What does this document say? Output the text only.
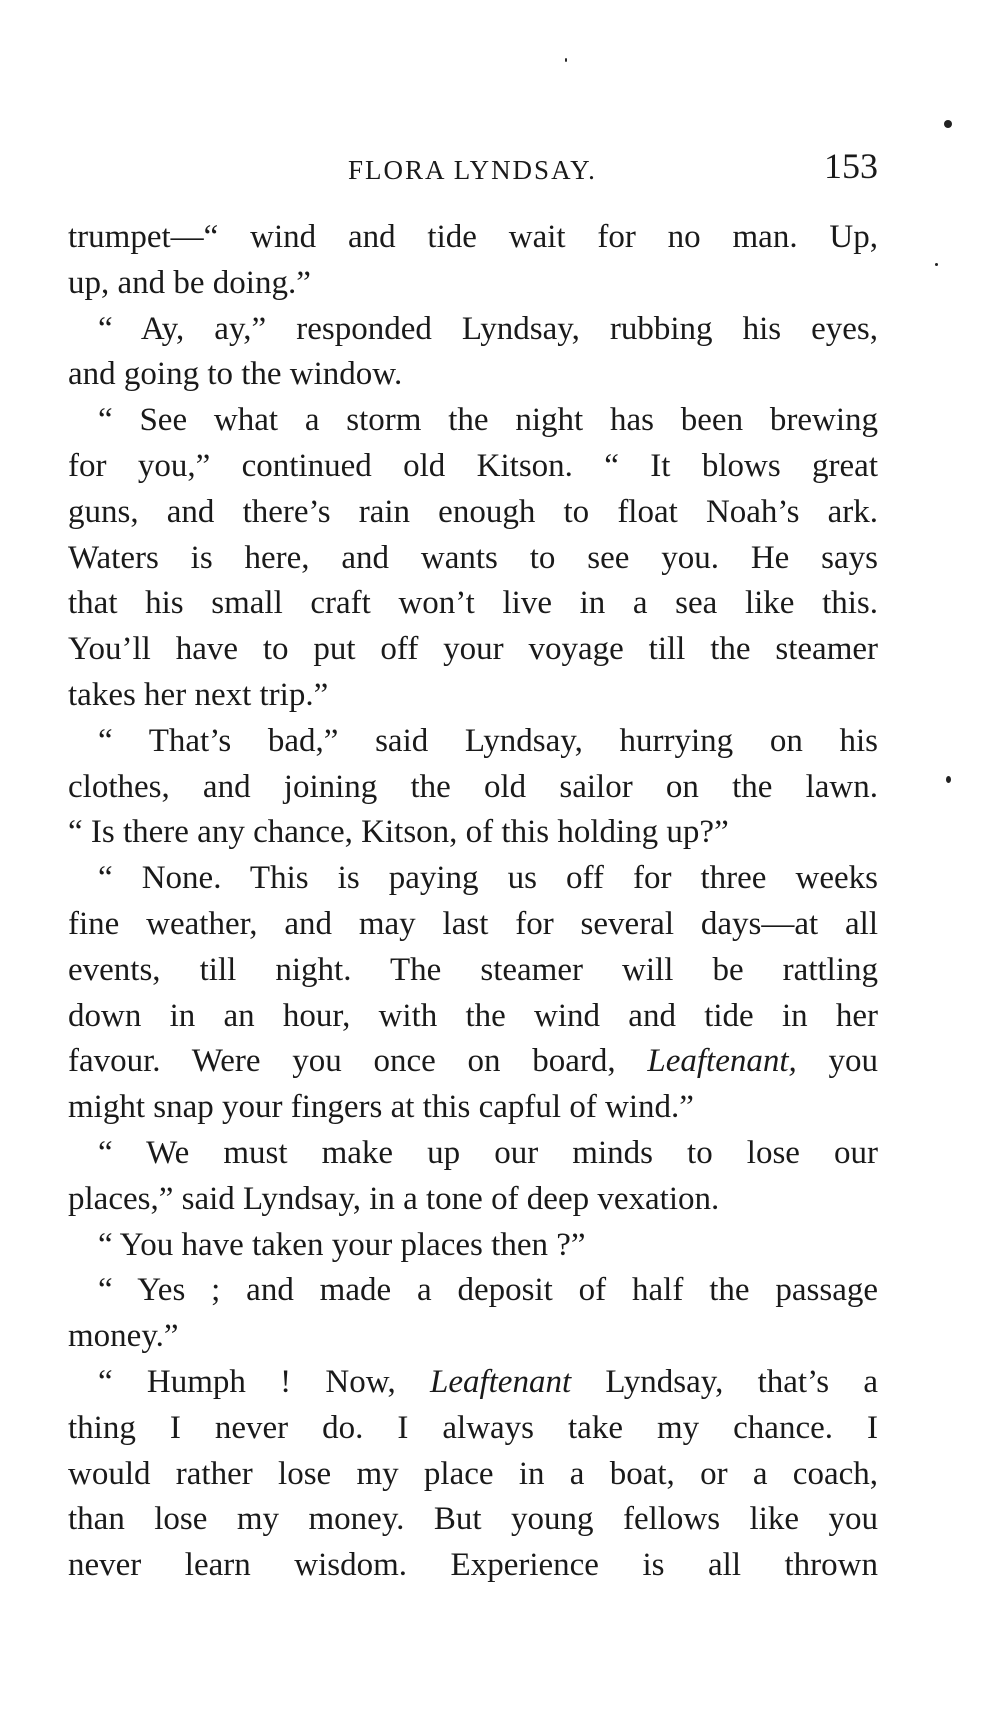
FLORA LYNDSAY.	153
trumpet—“ wind and tide wait for no man. Up,
up, and be doing.”
“ Ay, ay,” responded Lyndsay, rubbing his eyes,
and going to the window.
“ See what a storm the night has been brewing
for you,” continued old Kitson. “ It blows great
guns, and there’s rain enough to float Noah’s ark.
Waters is here, and wants to see you. He says
that his small craft won’t live in a sea like this.
You’ll have to put off your voyage till the steamer
takes her next trip.”
“ That’s bad,” said Lyndsay, hurrying on his
clothes, and joining the old sailor on the lawn.
“ Is there any chance, Kitson, of this holding up?”
“ None. This is paying us off for three weeks
fine weather, and may last for several days—at all
events, till night. The steamer will be rattling
down in an hour, with the wind and tide in her
favour. Were you once on board, Leaftenant, you
might snap your fingers at this capful of wind.”
“ We must make up our minds to lose our
places,” said Lyndsay, in a tone of deep vexation.
“ You have taken your places then ?”
“ Yes ; and made a deposit of half the passage
money.”
“ Humph ! Now, Leaftenant Lyndsay, that’s a
thing I never do. I always take my chance. I
would rather lose my place in a boat, or a coach,
than lose my money. But young fellows like you
never learn wisdom. Experience is all thrown
